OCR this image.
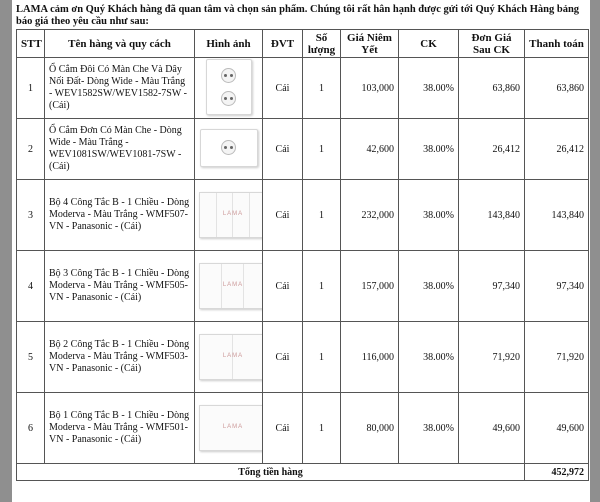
LAMA cảm ơn Quý Khách hàng đã quan tâm và chọn sản phẩm. Chúng tôi rất hân hạnh được gửi tới Quý Khách Hàng bảng báo giá theo yêu cầu như sau:
STT	Tên hàng và quy cách	Hình ảnh	ĐVT	Số lượng	Giá Niêm Yết	CK	Đơn Giá Sau CK	Thanh toán
1	Ổ Cắm Đôi Có Màn Che Và Dây Nối Đất- Dòng Wide - Màu Trắng - WEV1582SW/WEV1582-7SW - (Cái)		Cái	1	103,000	38.00%	63,860	63,860
2	Ổ Cắm Đơn Có Màn Che - Dòng Wide - Màu Trắng - WEV1081SW/WEV1081-7SW - (Cái)		Cái	1	42,600	38.00%	26,412	26,412
3	Bộ 4 Công Tắc B - 1 Chiều - Dòng Moderva - Màu Trắng - WMF507-VN - Panasonic - (Cái)	LAMA	Cái	1	232,000	38.00%	143,840	143,840
4	Bộ 3 Công Tắc B - 1 Chiều - Dòng Moderva - Màu Trắng - WMF505-VN - Panasonic - (Cái)	LAMA	Cái	1	157,000	38.00%	97,340	97,340
5	Bộ 2 Công Tắc B - 1 Chiều - Dòng Moderva - Màu Trắng - WMF503-VN - Panasonic - (Cái)	LAMA	Cái	1	116,000	38.00%	71,920	71,920
6	Bộ 1 Công Tắc B - 1 Chiều - Dòng Moderva - Màu Trắng - WMF501-VN - Panasonic - (Cái)	LAMA	Cái	1	80,000	38.00%	49,600	49,600
Tổng tiền hàng								452,972
